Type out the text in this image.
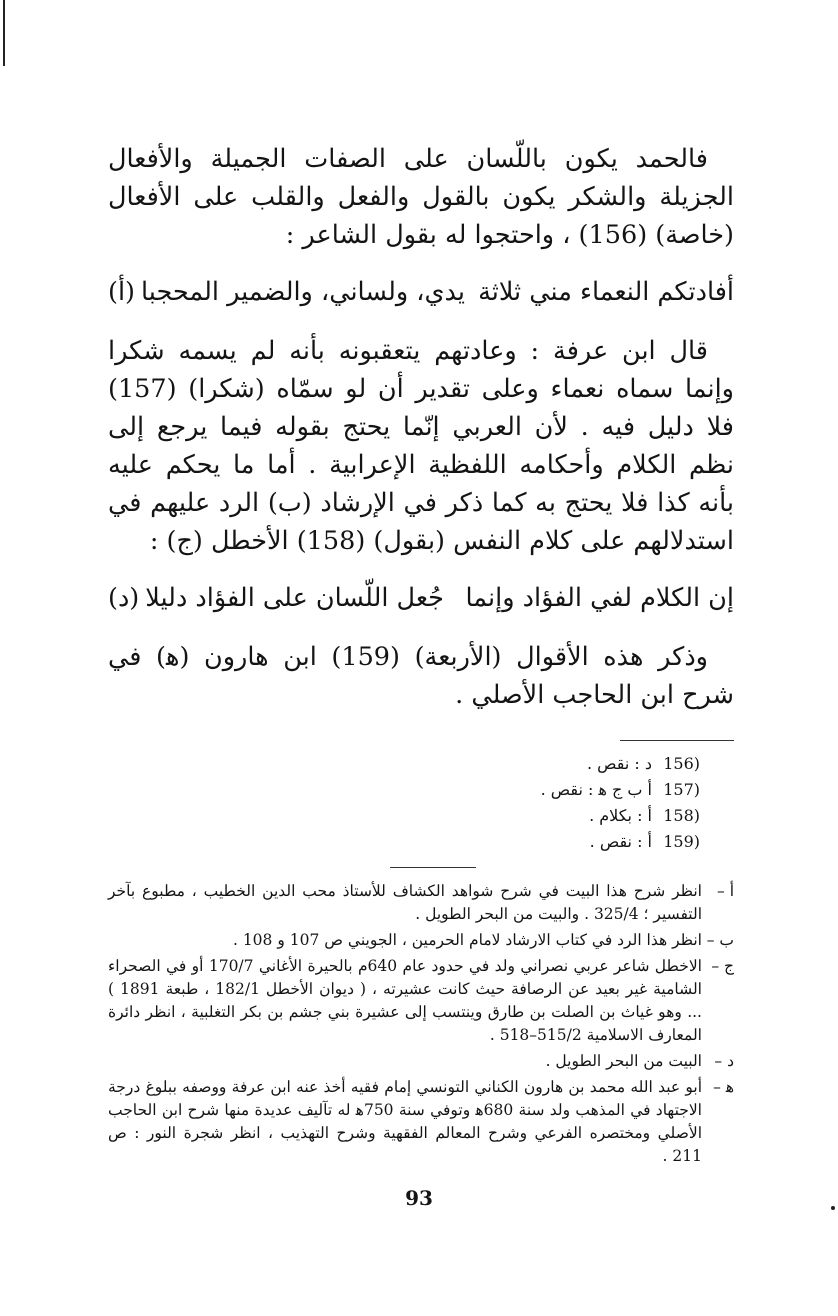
فالحمد يكون باللّسان على الصفات الجميلة والأفعال الجزيلة والشكر يكون بالقول والفعل والقلب على الأفعال (خاصة) (156) ، واحتجوا له بقول الشاعر :

أفادتكم النعماء مني ثلاثة
يدي، ولساني، والضمير المحجبا(أ)

قال ابن عرفة : وعادتهم يتعقبونه بأنه لم يسمه شكرا وإنما سماه نعماء وعلى تقدير أن لو سمّاه (شكرا) (157) فلا دليل فيه . لأن العربي إنّما يحتج بقوله فيما يرجع إلى نظم الكلام وأحكامه اللفظية الإعرابية . أما ما يحكم عليه بأنه كذا فلا يحتج به كما ذكر في الإرشاد (ب) الرد عليهم في استدلالهم على كلام النفس (بقول) (158) الأخطل (ج) :

إن الكلام لفي الفؤاد وإنما
جُعل اللّسان على الفؤاد دليلا(د)

وذكر هذه الأقوال (الأربعة) (159) ابن هارون (ﻫ) في شرح ابن الحاجب الأصلي .

156)
د : نقص .
157)
أ ب ج ﻫ : نقص .
158)
أ : بكلام .
159)
أ : نقص .
أ –
انظر شرح هذا البيت في شرح شواهد الكشاف للأستاذ محب الدين الخطيب ، مطبوع بآخر التفسير ؛ 325/4 . والبيت من البحر الطويل .
ب –
انظر هذا الرد في كتاب الارشاد لامام الحرمين ، الجويني ص 107 و 108 .
ج –
الاخطل شاعر عربي نصراني ولد في حدود عام 640م بالحيرة الأغاني 170/7 أو في الصحراء الشامية غير بعيد عن الرصافة حيث كانت عشيرته ، ( ديوان الأخطل 182/1 ، طبعة 1891 ) ... وهو غياث بن الصلت بن طارق وينتسب إلى عشيرة بني جشم بن بكر التغلبية ، انظر دائرة المعارف الاسلامية 515/2–518 .
د –
البيت من البحر الطويل .
ﻫ –
أبو عبد الله محمد بن هارون الكناني التونسي إمام فقيه أخذ عنه ابن عرفة ووصفه ببلوغ درجة الاجتهاد في المذهب ولد سنة 680ﻫ وتوفي سنة 750ﻫ له تآليف عديدة منها شرح ابن الحاجب الأصلي ومختصره الفرعي وشرح المعالم الفقهية وشرح التهذيب ، انظر شجرة النور : ص 211 .
93
